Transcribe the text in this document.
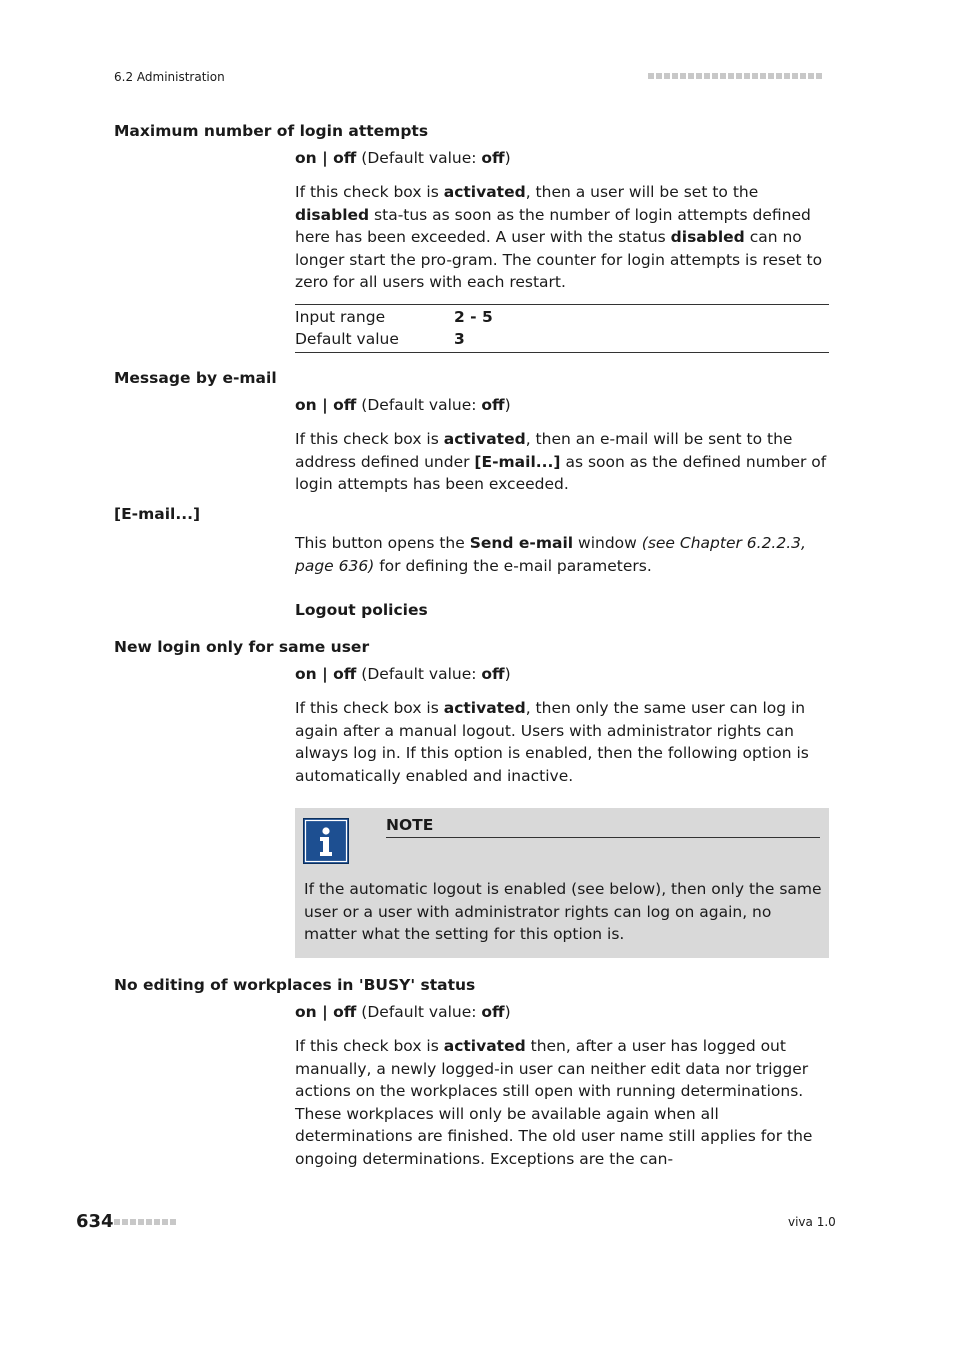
6.2 Administration
Maximum number of login attempts
on | off (Default value: off)
If this check box is activated, then a user will be set to the disabled sta-tus as soon as the number of login attempts defined here has been exceeded. A user with the status disabled can no longer start the pro-gram. The counter for login attempts is reset to zero for all users with each restart.
Input range	2 - 5
Default value	3
Message by e-mail
on | off (Default value: off)
If this check box is activated, then an e-mail will be sent to the address defined under [E-mail...] as soon as the defined number of login attempts has been exceeded.
[E-mail...]
This button opens the Send e-mail window (see Chapter 6.2.2.3, page 636) for defining the e-mail parameters.
Logout policies
New login only for same user
on | off (Default value: off)
If this check box is activated, then only the same user can log in again after a manual logout. Users with administrator rights can always log in. If this option is enabled, then the following option is automatically enabled and inactive.
NOTE
If the automatic logout is enabled (see below), then only the same user or a user with administrator rights can log on again, no matter what the setting for this option is.
No editing of workplaces in 'BUSY' status
on | off (Default value: off)
If this check box is activated then, after a user has logged out manually, a newly logged-in user can neither edit data nor trigger actions on the workplaces still open with running determinations. These workplaces will only be available again when all determinations are finished. The old user name still applies for the ongoing determinations. Exceptions are the can-
634	viva 1.0
